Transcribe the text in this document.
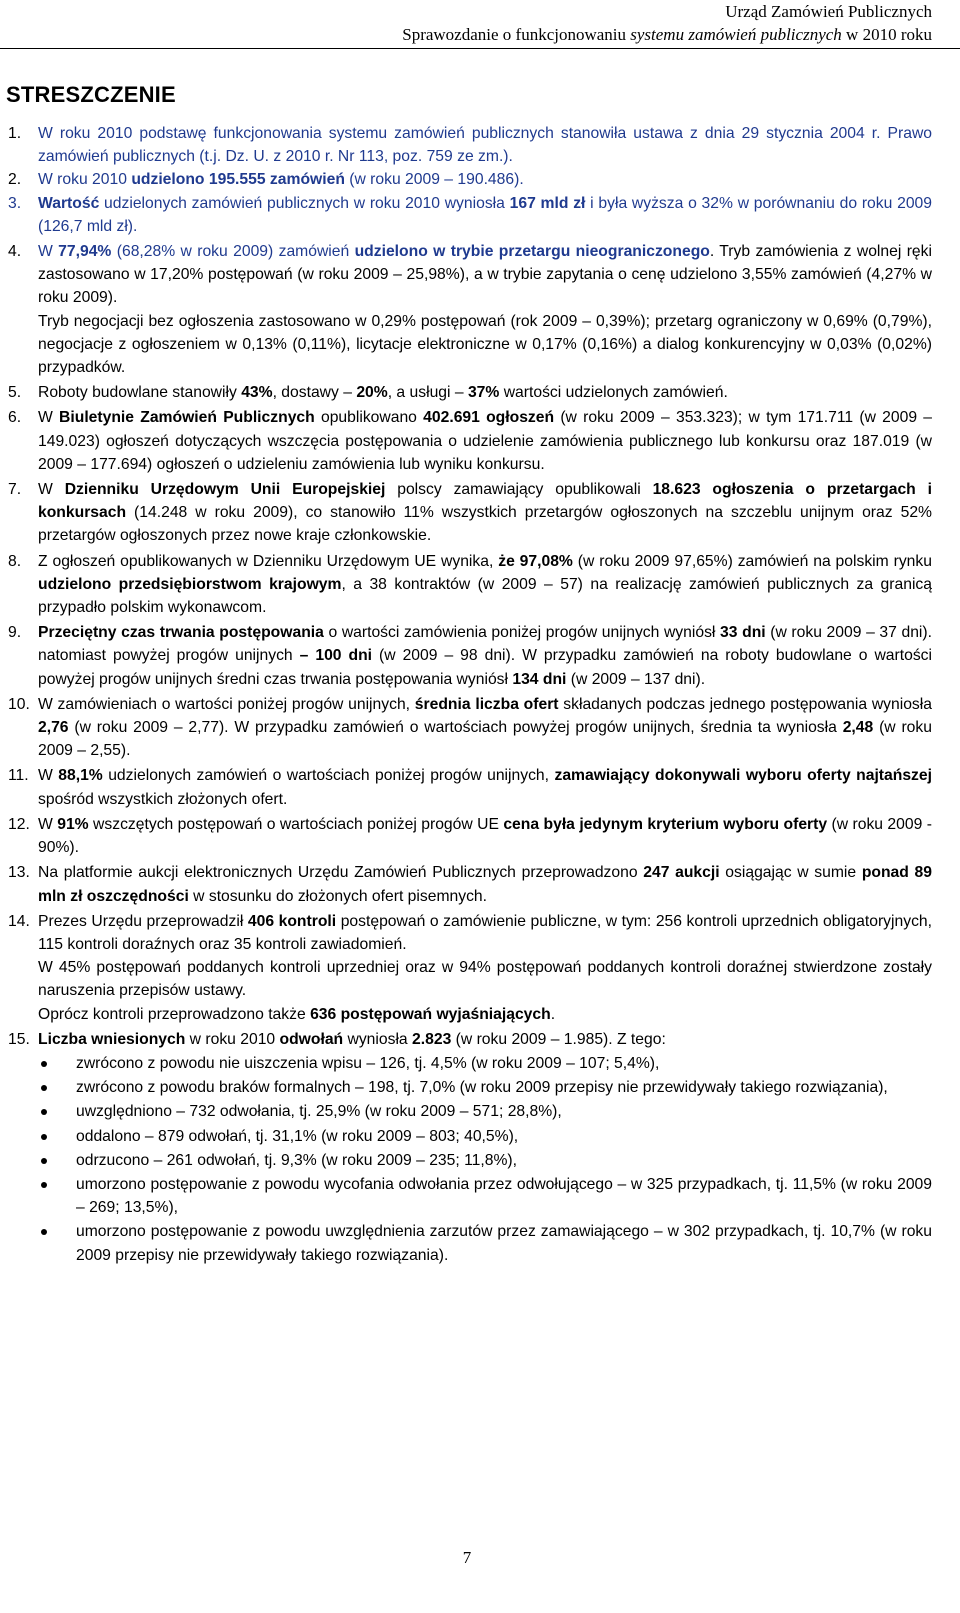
Urząd Zamówień Publicznych
Sprawozdanie o funkcjonowaniu systemu zamówień publicznych w 2010 roku
STRESZCZENIE
1.	W roku 2010 podstawę funkcjonowania systemu zamówień publicznych stanowiła ustawa z dnia 29 stycznia 2004 r. Prawo zamówień publicznych (t.j. Dz. U. z 2010 r. Nr 113, poz. 759 ze zm.).

2.	W roku 2010 udzielono 195.555 zamówień (w roku 2009 – 190.486).

3.	Wartość udzielonych zamówień publicznych w roku 2010 wyniosła 167 mld zł i była wyższa o 32% w porównaniu do roku 2009 (126,7 mld zł).

4.	W 77,94% (68,28% w roku 2009) zamówień udzielono w trybie przetargu nieograniczonego. Tryb zamówienia z wolnej ręki zastosowano w 17,20% postępowań (w roku 2009 – 25,98%), a w trybie zapytania o cenę udzielono 3,55% zamówień (4,27% w roku 2009).

Tryb negocjacji bez ogłoszenia zastosowano w 0,29% postępowań (rok 2009 – 0,39%); przetarg ograniczony w 0,69% (0,79%), negocjacje z ogłoszeniem w 0,13% (0,11%), licytacje elektroniczne w 0,17% (0,16%) a dialog konkurencyjny w 0,03% (0,02%) przypadków.

5.	Roboty budowlane stanowiły 43%, dostawy – 20%, a usługi – 37% wartości udzielonych zamówień.

6.	W Biuletynie Zamówień Publicznych opublikowano 402.691 ogłoszeń (w roku 2009 – 353.323); w tym 171.711 (w 2009 – 149.023) ogłoszeń dotyczących wszczęcia postępowania o udzielenie zamówienia publicznego lub konkursu oraz 187.019 (w 2009 – 177.694) ogłoszeń o udzieleniu zamówienia lub wyniku konkursu.

7.	W Dzienniku Urzędowym Unii Europejskiej polscy zamawiający opublikowali 18.623 ogłoszenia o przetargach i konkursach (14.248 w roku 2009), co stanowiło 11% wszystkich przetargów ogłoszonych na szczeblu unijnym oraz 52% przetargów ogłoszonych przez nowe kraje członkowskie.

8.	Z ogłoszeń opublikowanych w Dzienniku Urzędowym UE wynika, że 97,08% (w roku 2009 97,65%) zamówień na polskim rynku udzielono przedsiębiorstwom krajowym, a 38 kontraktów (w 2009 – 57) na realizację zamówień publicznych za granicą przypadło polskim wykonawcom.

9.	Przeciętny czas trwania postępowania o wartości zamówienia poniżej progów unijnych wyniósł 33 dni (w roku 2009 – 37 dni). natomiast powyżej progów unijnych – 100 dni (w 2009 – 98 dni). W przypadku zamówień na roboty budowlane o wartości powyżej progów unijnych średni czas trwania postępowania wyniósł 134 dni (w 2009 – 137 dni).

10. W zamówieniach o wartości poniżej progów unijnych, średnia liczba ofert składanych podczas jednego postępowania wyniosła 2,76 (w roku 2009 – 2,77). W przypadku zamówień o wartościach powyżej progów unijnych, średnia ta wyniosła 2,48 (w roku 2009 – 2,55).

11. W 88,1% udzielonych zamówień o wartościach poniżej progów unijnych, zamawiający dokonywali wyboru oferty najtańszej spośród wszystkich złożonych ofert.

12. W 91% wszczętych postępowań o wartościach poniżej progów UE cena była jedynym kryterium wyboru oferty (w roku 2009 - 90%).

13. Na platformie aukcji elektronicznych Urzędu Zamówień Publicznych przeprowadzono 247 aukcji osiągając w sumie ponad 89 mln zł oszczędności w stosunku do złożonych ofert pisemnych.

14. Prezes Urzędu przeprowadził 406 kontroli postępowań o zamówienie publiczne, w tym: 256 kontroli uprzednich obligatoryjnych, 115 kontroli doraźnych oraz 35 kontroli zawiadomień.

W 45% postępowań poddanych kontroli uprzedniej oraz w 94% postępowań poddanych kontroli doraźnej stwierdzone zostały naruszenia przepisów ustawy.

Oprócz kontroli przeprowadzono także 636 postępowań wyjaśniających.

15. Liczba wniesionych w roku 2010 odwołań wyniosła 2.823 (w roku 2009 – 1.985). Z tego:

zwrócono z powodu nie uiszczenia wpisu – 126, tj. 4,5% (w roku 2009 – 107; 5,4%),
zwrócono z powodu braków formalnych – 198, tj. 7,0% (w roku 2009 przepisy nie przewidywały takiego rozwiązania),
uwzględniono – 732 odwołania, tj. 25,9% (w roku 2009 – 571; 28,8%),
oddalono – 879 odwołań, tj. 31,1% (w roku 2009 – 803; 40,5%),
odrzucono – 261 odwołań, tj. 9,3% (w roku 2009 – 235; 11,8%),
umorzono postępowanie z powodu wycofania odwołania przez odwołującego – w 325 przypadkach, tj. 11,5% (w roku 2009 – 269; 13,5%),
umorzono postępowanie z powodu uwzględnienia zarzutów przez zamawiającego – w 302 przypadkach, tj. 10,7% (w roku 2009 przepisy nie przewidywały takiego rozwiązania).
7
